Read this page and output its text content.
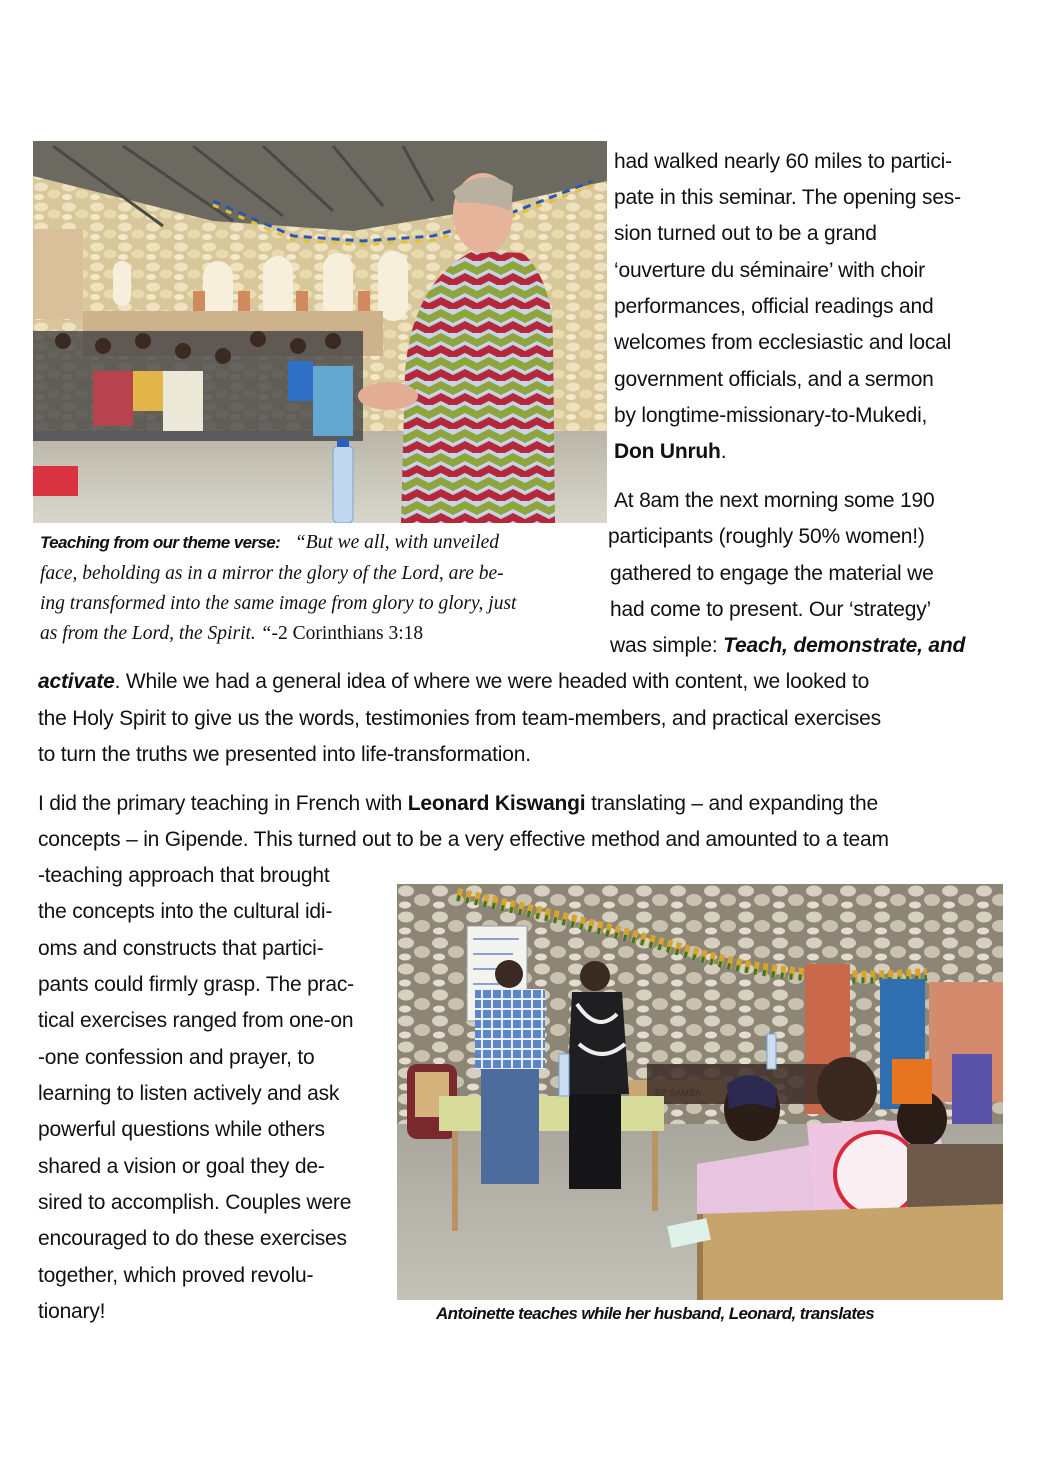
Teaching from our theme verse: “But we all, with unveiled
face, beholding as in a mirror the glory of the Lord, are be-
ing transformed into the same image from glory to glory, just
as from the Lord, the Spirit. “-2 Corinthians 3:18
had walked nearly 60 miles to partici-
pate in this seminar. The opening ses-
sion turned out to be a grand
‘ouverture du séminaire’ with choir
performances, official readings and
welcomes from ecclesiastic and local
government officials, and a sermon
by longtime-missionary-to-Mukedi,
Don Unruh.
At 8am the next morning some 190
participants (roughly 50% women!)
gathered to engage the material we
had come to present. Our ‘strategy’
was simple: Teach, demonstrate, and
activate. While we had a general idea of where we were headed with content, we looked to
the Holy Spirit to give us the words, testimonies from team-members, and practical exercises
to turn the truths we presented into life-transformation.
I did the primary teaching in French with Leonard Kiswangi translating – and expanding the
concepts – in Gipende. This turned out to be a very effective method and amounted to a team
-teaching approach that brought
the concepts into the cultural idi-
oms and constructs that partici-
pants could firmly grasp. The prac-
tical exercises ranged from one-on
-one confession and prayer, to
learning to listen actively and ask
powerful questions while others
shared a vision or goal they de-
sired to accomplish. Couples were
encouraged to do these exercises
together, which proved revolu-
tionary!	Antoinette teaches while her husband, Leonard, translates
